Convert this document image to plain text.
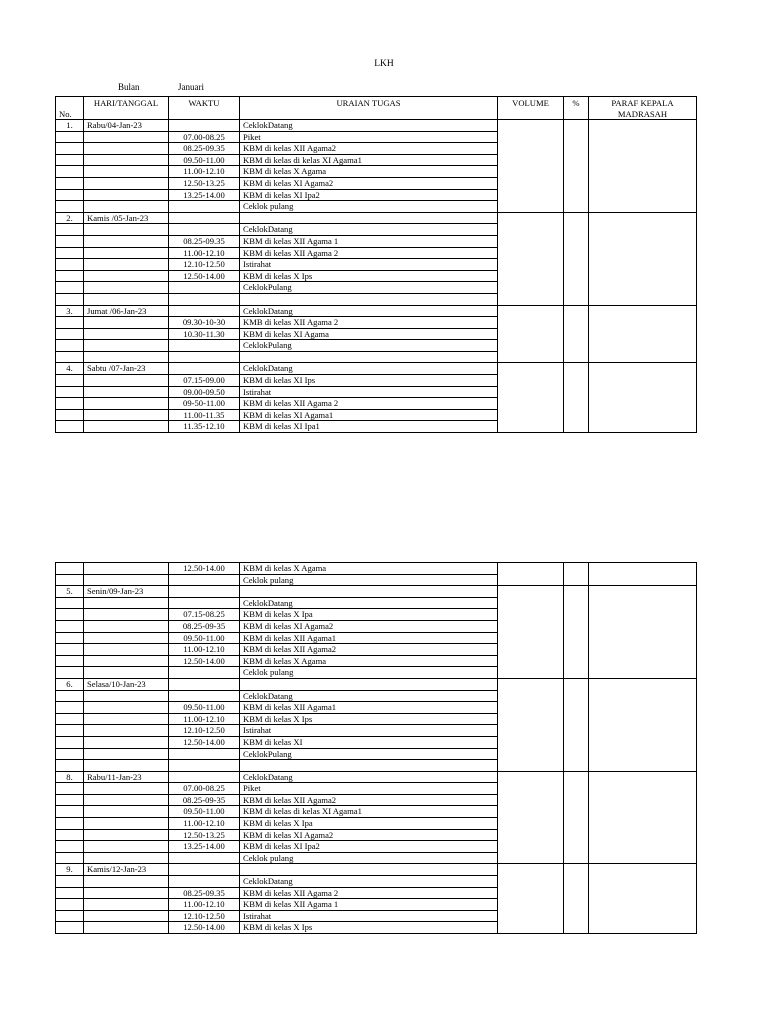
LKH
Bulan	Januari
No.	HARI/TANGGAL	WAKTU	URAIAN TUGAS	VOLUME	%	PARAF KEPALA MADRASAH
1.	Rabu/04-Jan-23		CeklokDatang			
		07.00-08.25	Piket			
		08.25-09.35	KBM di kelas XII Agama2			
		09.50-11.00	KBM di kelas di kelas XI Agama1			
		11.00-12.10	KBM di kelas X Agama			
		12.50-13.25	KBM di kelas XI Agama2			
		13.25-14.00	KBM di kelas XI Ipa2			
			Ceklok pulang			
2.	Kamis /05-Jan-23					
			CeklokDatang			
		08.25-09.35	KBM di kelas XII Agama 1			
		11.00-12.10	KBM di kelas XII Agama 2			
		12.10-12.50	Istirahat			
		12.50-14.00	KBM di kelas X Ips			
			CeklokPulang			

3.	Jumat /06-Jan-23		CeklokDatang			
		09.30-10-30	KMB di kelas XII Agama 2			
		10.30-11.30	KBM di kelas XI Agama			
			CeklokPulang			

4.	Sabtu /07-Jan-23		CeklokDatang			
		07.15-09.00	KBM di kelas XI Ips			
		09.00-09.50	Istirahat			
		09-50-11.00	KBM di kelas XII Agama 2			
		11.00-11.35	KBM di kelas XI Agama1			
		11.35-12.10	KBM di kelas XI Ipa1			
		12.50-14.00	KBM di kelas X Agama			
			Ceklok pulang			
5.	Senin/09-Jan-23					
			CeklokDatang			
		07.15-08.25	KBM di kelas X Ipa			
		08.25-09-35	KBM di kelas XI Agama2			
		09.50-11.00	KBM di kelas XII Agama1			
		11.00-12.10	KBM di kelas XII Agama2			
		12.50-14.00	KBM di kelas X Agama			
			Ceklok pulang			
6.	Selasa/10-Jan-23					
			CeklokDatang			
		09.50-11.00	KBM di kelas XII Agama1			
		11.00-12.10	KBM di kelas X Ips			
		12.10-12.50	Istirahat			
		12.50-14.00	KBM di kelas XI			
			CeklokPulang			

8.	Rabu/11-Jan-23		CeklokDatang			
		07.00-08.25	Piket			
		08.25-09-35	KBM di kelas XII Agama2			
		09.50-11.00	KBM di kelas di kelas XI Agama1			
		11.00-12.10	KBM di kelas X Ipa			
		12.50-13.25	KBM di kelas XI Agama2			
		13.25-14.00	KBM di kelas XI Ipa2			
			Ceklok pulang			
9.	Kamis/12-Jan-23					
			CeklokDatang			
		08.25-09.35	KBM di kelas XII Agama 2			
		11.00-12.10	KBM di kelas XII Agama 1			
		12.10-12.50	Istirahat			
		12.50-14.00	KBM di kelas X Ips			
